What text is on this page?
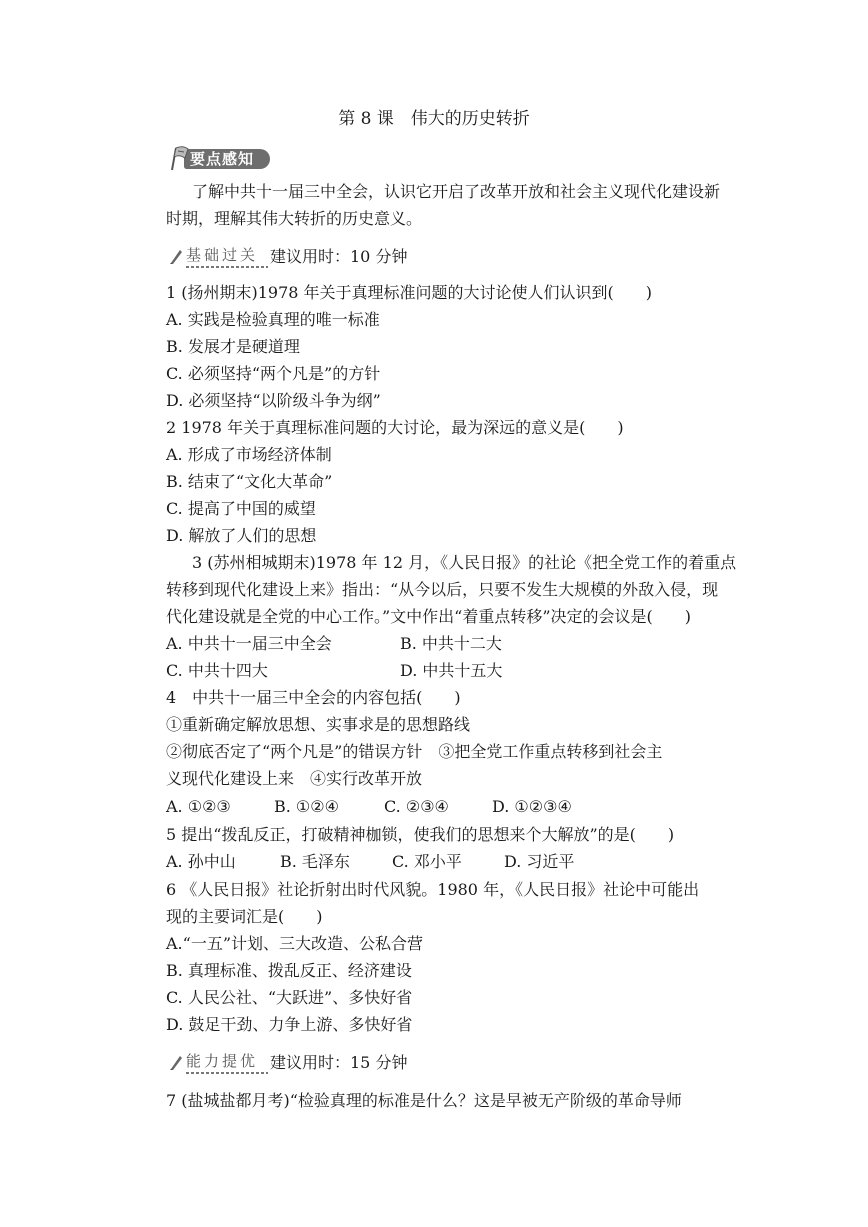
第 8 课　伟大的历史转折
要点感知
了解中共十一届三中全会，认识它开启了改革开放和社会主义现代化建设新
时期，理解其伟大转折的历史意义。
基础过关 建议用时：10 分钟
1 (扬州期末)1978 年关于真理标准问题的大讨论使人们认识到(　　)
A. 实践是检验真理的唯一标准
B. 发展才是硬道理
C. 必须坚持“两个凡是”的方针
D. 必须坚持“以阶级斗争为纲”
2 1978 年关于真理标准问题的大讨论，最为深远的意义是(　　)
A. 形成了市场经济体制
B. 结束了“文化大革命”
C. 提高了中国的威望
D. 解放了人们的思想
3 (苏州相城期末)1978 年 12 月，《人民日报》的社论《把全党工作的着重点
转移到现代化建设上来》指出：“从今以后，只要不发生大规模的外敌入侵，现
代化建设就是全党的中心工作。”文中作出“着重点转移”决定的会议是(　　)
A. 中共十一届三中全会	B. 中共十二大
C. 中共十四大	D. 中共十五大
4　中共十一届三中全会的内容包括(　　)
①重新确定解放思想、实事求是的思想路线
②彻底否定了“两个凡是”的错误方针　③把全党工作重点转移到社会主
义现代化建设上来　④实行改革开放
A. ①②③	B. ①②④	C. ②③④	D. ①②③④
5 提出“拨乱反正，打破精神枷锁，使我们的思想来个大解放”的是(　　)
A. 孙中山	B. 毛泽东	C. 邓小平	D. 习近平
6 《人民日报》社论折射出时代风貌。1980 年，《人民日报》社论中可能出
现的主要词汇是(　　)
A.“一五”计划、三大改造、公私合营
B. 真理标准、拨乱反正、经济建设
C. 人民公社、“大跃进”、多快好省
D. 鼓足干劲、力争上游、多快好省
能力提优 建议用时：15 分钟
7 (盐城盐都月考)“检验真理的标准是什么？这是早被无产阶级的革命导师
